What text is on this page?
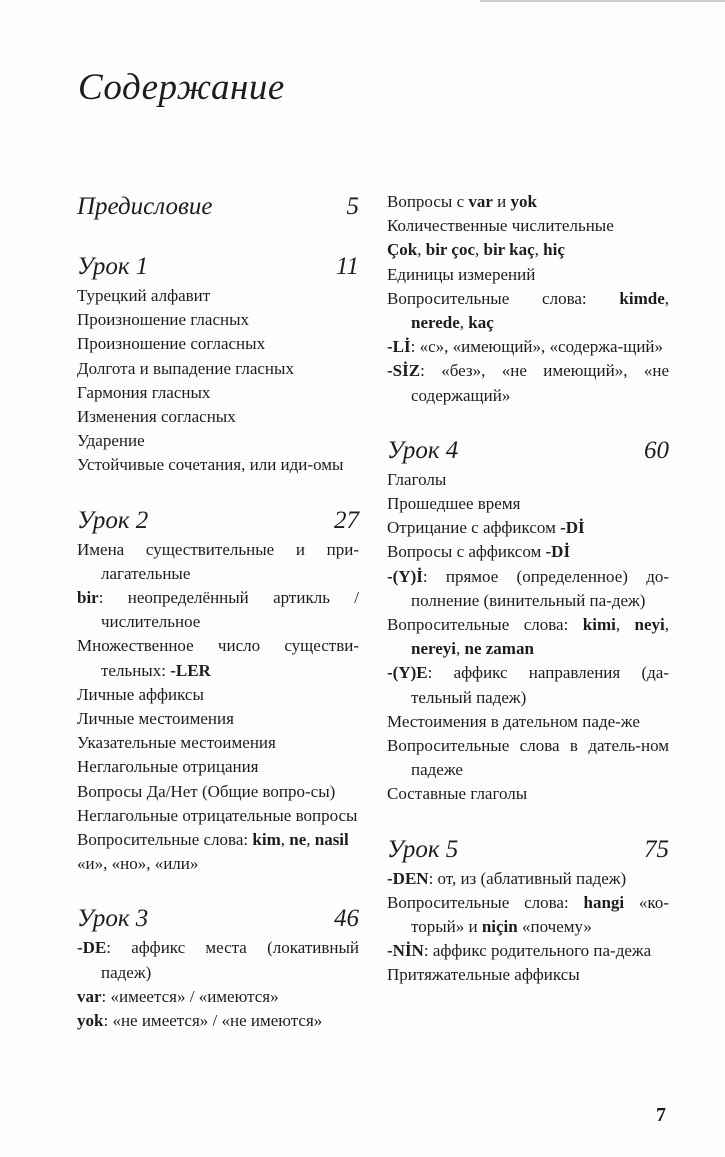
Содержание
Предисловие	5
Урок 1	11
Турецкий алфавит
Произношение гласных
Произношение согласных
Долгота и выпадение гласных
Гармония гласных
Изменения согласных
Ударение
Устойчивые сочетания, или иди-омы
Урок 2	27
Имена существительные и при-лагательные
bir: неопределённый артикль / числительное
Множественное число существи-тельных: -LER
Личные аффиксы
Личные местоимения
Указательные местоимения
Неглагольные отрицания
Вопросы Да/Нет (Общие вопро-сы)
Неглагольные отрицательные вопросы
Вопросительные слова: kim, ne, nasil
«и», «но», «или»
Урок 3	46
-DE: аффикс места (локативный падеж)
var: «имеется» / «имеются»
yok: «не имеется» / «не имеются»
Вопросы с var и yok
Количественные числительные
Çok, bir çoc, bir kaç, hiç
Единицы измерений
Вопросительные слова: kimde, nerede, kaç
-Lİ: «с», «имеющий», «содержа-щий»
-SİZ: «без», «не имеющий», «не содержащий»
Урок 4	60
Глаголы
Прошедшее время
Отрицание с аффиксом -Dİ
Вопросы с аффиксом -Dİ
-(Y)İ: прямое (определенное) до-полнение (винительный па-деж)
Вопросительные слова: kimi, neyi, nereyi, ne zaman
-(Y)E: аффикс направления (да-тельный падеж)
Местоимения в дательном паде-же
Вопросительные слова в датель-ном падеже
Составные глаголы
Урок 5	75
-DEN: от, из (аблативный падеж)
Вопросительные слова: hangi «ко-торый» и niçin «почему»
-NİN: аффикс родительного па-дежа
Притяжательные аффиксы
7
